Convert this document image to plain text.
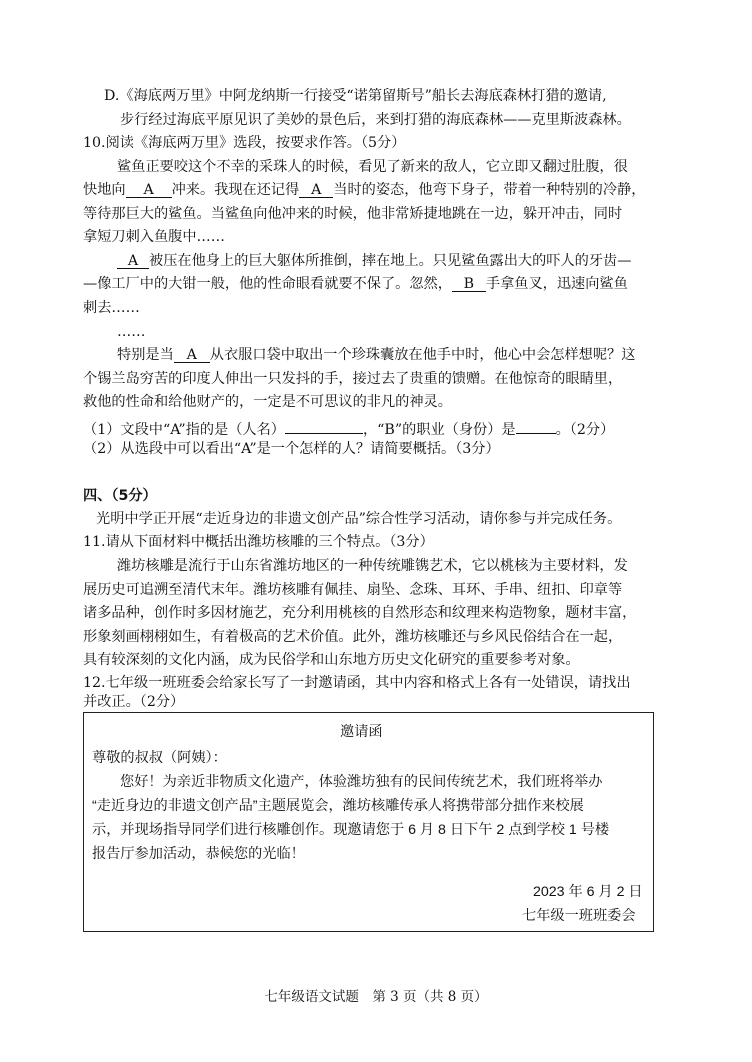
D.《海底两万里》中阿龙纳斯一行接受“诺第留斯号”船长去海底森林打猎的邀请,
步行经过海底平原见识了美妙的景色后，来到打猎的海底森林——克里斯波森林。
10.阅读《海底两万里》选段，按要求作答。（5分）
鲨鱼正要咬这个不幸的采珠人的时候，看见了新来的敌人，它立即又翻过肚腹，很
快地向 A 冲来。我现在还记得 A 当时的姿态，他弯下身子，带着一种特别的冷静，
等待那巨大的鲨鱼。当鲨鱼向他冲来的时候，他非常矫捷地跳在一边，躲开冲击，同时
拿短刀刺入鱼腹中……
A 被压在他身上的巨大躯体所推倒，摔在地上。只见鲨鱼露出大的吓人的牙齿—
—像工厂中的大钳一般，他的性命眼看就要不保了。忽然， B 手拿鱼叉，迅速向鲨鱼
刺去……
……
特别是当 A 从衣服口袋中取出一个珍珠囊放在他手中时，他心中会怎样想呢？这
个锡兰岛穷苦的印度人伸出一只发抖的手，接过去了贵重的馈赠。在他惊奇的眼睛里，
救他的性命和给他财产的，一定是不可思议的非凡的神灵。
（1）文段中“A”指的是（人名）	，“B”的职业（身份）是	。（2分）
（2）从选段中可以看出“A”是一个怎样的人？请简要概括。（3分）
四、（5分）
光明中学正开展“走近身边的非遗文创产品”综合性学习活动，请你参与并完成任务。
11.请从下面材料中概括出潍坊核雕的三个特点。（3分）
潍坊核雕是流行于山东省潍坊地区的一种传统雕镌艺术，它以桃核为主要材料，发
展历史可追溯至清代末年。潍坊核雕有佩挂、扇坠、念珠、耳环、手串、纽扣、印章等
诸多品种，创作时多因材施艺，充分利用桃核的自然形态和纹理来构造物象，题材丰富，
形象刻画栩栩如生，有着极高的艺术价值。此外，潍坊核雕还与乡风民俗结合在一起，
具有较深刻的文化内涵，成为民俗学和山东地方历史文化研究的重要参考对象。
12.七年级一班班委会给家长写了一封邀请函，其中内容和格式上各有一处错误，请找出
并改正。（2分）
邀请函
尊敬的叔叔（阿姨）：
您好！为亲近非物质文化遗产，体验潍坊独有的民间传统艺术，我们班将举办
“走近身边的非遗文创产品”主题展览会，潍坊核雕传承人将携带部分拙作来校展
示，并现场指导同学们进行核雕创作。现邀请您于 6 月 8 日下午 2 点到学校 1 号楼
报告厅参加活动，恭候您的光临！
2023 年 6 月 2 日
七年级一班班委会
七年级语文试题　第 3 页（共 8 页）
